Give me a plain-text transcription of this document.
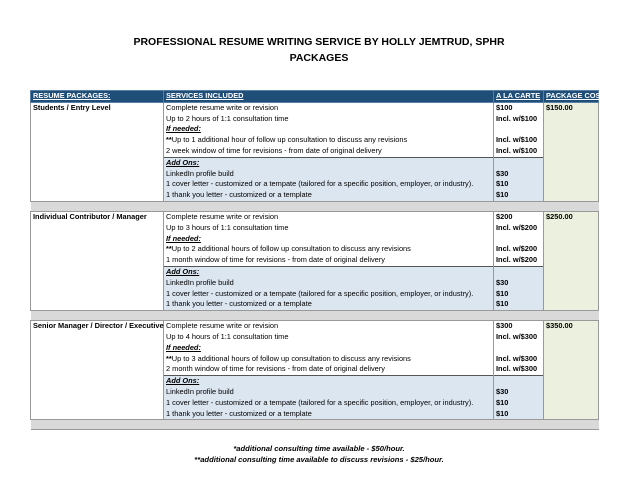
PROFESSIONAL RESUME WRITING SERVICE BY HOLLY JEMTRUD, SPHR
PACKAGES
RESUME PACKAGES:	SERVICES INCLUDED	A LA CARTE	PACKAGE COST
Students / Entry Level	Complete resume write or revision	$100	$150.00
	Up to 2 hours of 1:1 consultation time	Incl. w/$100	
	If needed:		
	**Up to 1 additional hour of follow up consultation to discuss any revisions	Incl. w/$100	
	2 week window of time for revisions - from date of original delivery	Incl. w/$100	
	Add Ons:		
	LinkedIn profile build	$30	
	1 cover letter - customized or a tempate (tailored for a specific position, employer, or industry).	$10	
	1 thank you letter - customized or a template	$10	

Individual Contributor / Manager	Complete resume write or revision	$200	$250.00
	Up to 3 hours of 1:1 consultation time	Incl. w/$200	
	If needed:		
	**Up to 2 additional hours of follow up consultation to discuss any revisions	Incl. w/$200	
	1 month window of time for revisions - from date of original delivery	Incl. w/$200	
	Add Ons:		
	LinkedIn profile build	$30	
	1 cover letter - customized or a tempate (tailored for a specific position, employer, or industry).	$10	
	1 thank you letter - customized or a template	$10	

Senior Manager / Director / Executive	Complete resume write or revision	$300	$350.00
	Up to 4 hours of 1:1 consultation time	Incl. w/$300	
	If needed:		
	**Up to 3 additional hours of follow up consultation to discuss any revisions	Incl. w/$300	
	2 month window of time for revisions - from date of original delivery	Incl. w/$300	
	Add Ons:		
	LinkedIn profile build	$30	
	1 cover letter - customized or a tempate (tailored for a specific position, employer, or industry).	$10	
	1 thank you letter - customized or a template	$10	

*additional consulting time available - $50/hour.
**additional consulting time available to discuss revisions - $25/hour.
